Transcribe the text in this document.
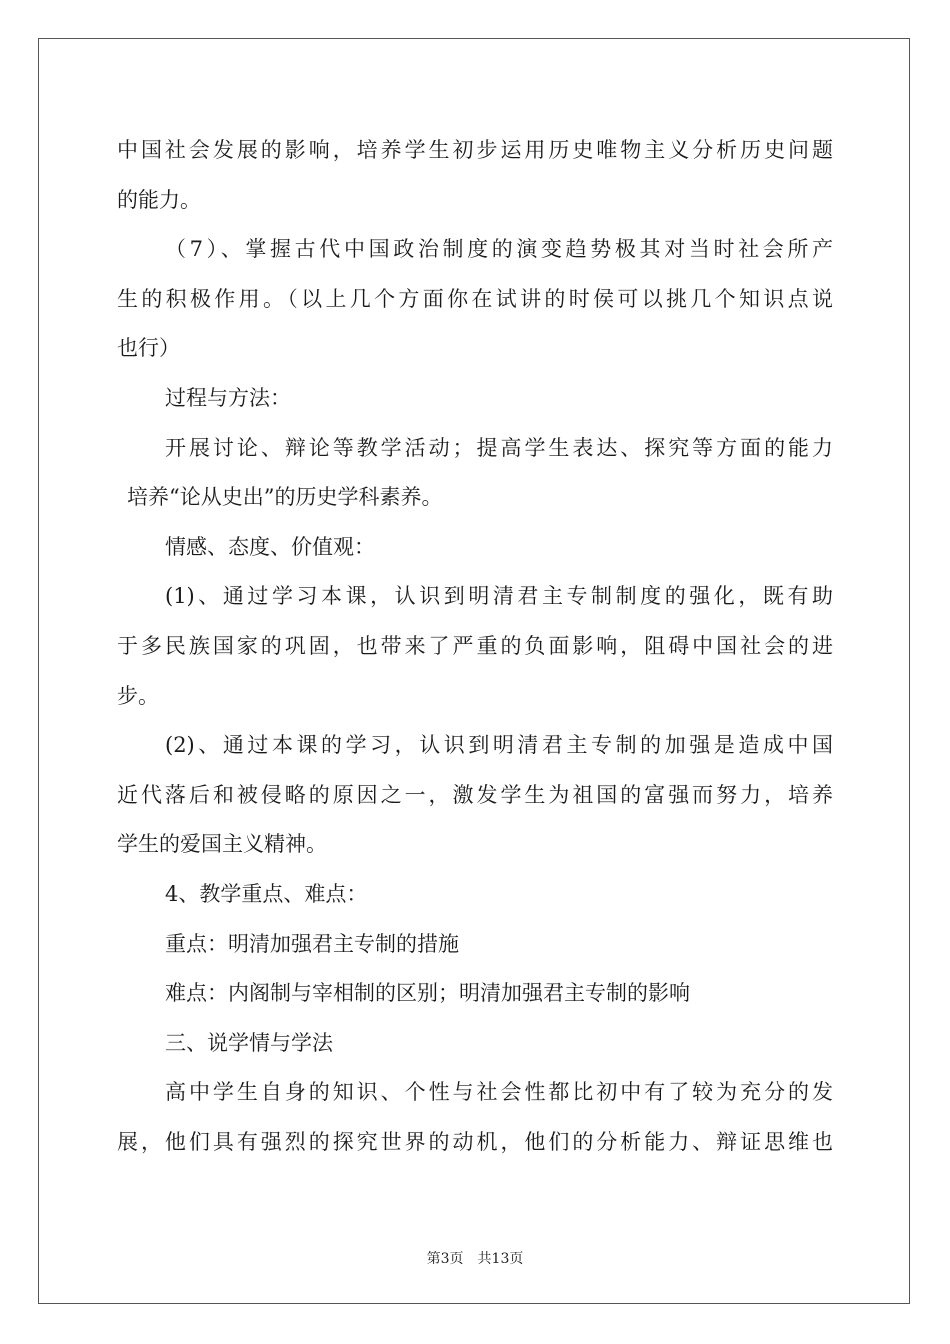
中国社会发展的影响，培养学生初步运用历史唯物主义分析历史问题
的能力。
（7）、掌握古代中国政治制度的演变趋势极其对当时社会所产
生的积极作用。（以上几个方面你在试讲的时侯可以挑几个知识点说
也行）
过程与方法：
开展讨论、辩论等教学活动；提高学生表达、探究等方面的能力
培养“论从史出”的历史学科素养。
情感、态度、价值观：
(1)、通过学习本课，认识到明清君主专制制度的强化，既有助
于多民族国家的巩固，也带来了严重的负面影响，阻碍中国社会的进
步。
(2)、通过本课的学习，认识到明清君主专制的加强是造成中国
近代落后和被侵略的原因之一，激发学生为祖国的富强而努力，培养
学生的爱国主义精神。
4、教学重点、难点：
重点：明清加强君主专制的措施
难点：内阁制与宰相制的区别；明清加强君主专制的影响
三、说学情与学法
高中学生自身的知识、个性与社会性都比初中有了较为充分的发
展，他们具有强烈的探究世界的动机，他们的分析能力、辩证思维也
第3页　共13页
